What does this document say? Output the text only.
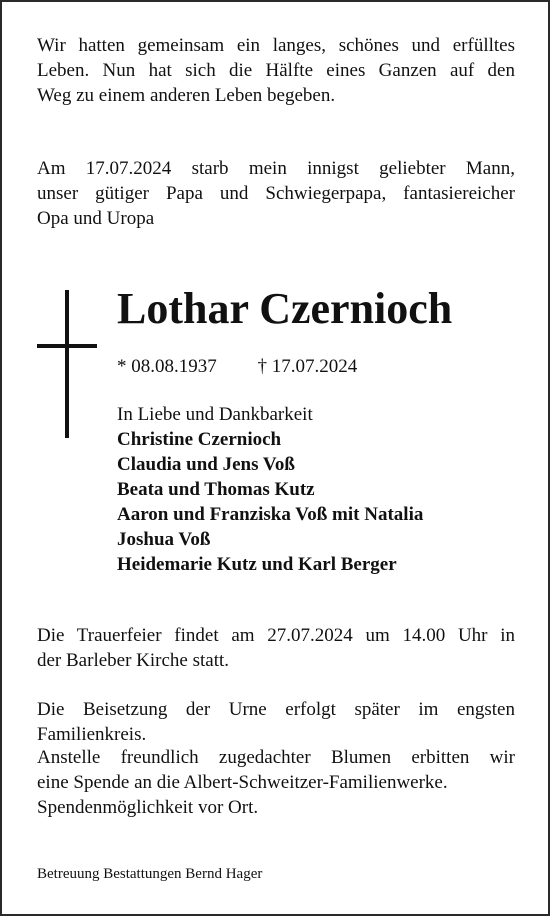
Wir hatten gemeinsam ein langes, schönes und erfülltes
Leben. Nun hat sich die Hälfte eines Ganzen auf den
Weg zu einem anderen Leben begeben.

Am 17.07.2024 starb mein innigst geliebter Mann,
unser gütiger Papa und Schwiegerpapa, fantasiereicher
Opa und Uropa

Lothar Czernioch
* 08.08.1937 † 17.07.2024
In Liebe und Dankbarkeit
Christine Czernioch
Claudia und Jens Voß
Beata und Thomas Kutz
Aaron und Franziska Voß mit Natalia
Joshua Voß
Heidemarie Kutz und Karl Berger

Die Trauerfeier findet am 27.07.2024 um 14.00 Uhr in
der Barleber Kirche statt.

Die Beisetzung der Urne erfolgt später im engsten
Familienkreis.

Anstelle freundlich zugedachter Blumen erbitten wir
eine Spende an die Albert-Schweitzer-Familienwerke.
Spendenmöglichkeit vor Ort.

Betreuung Bestattungen Bernd Hager
